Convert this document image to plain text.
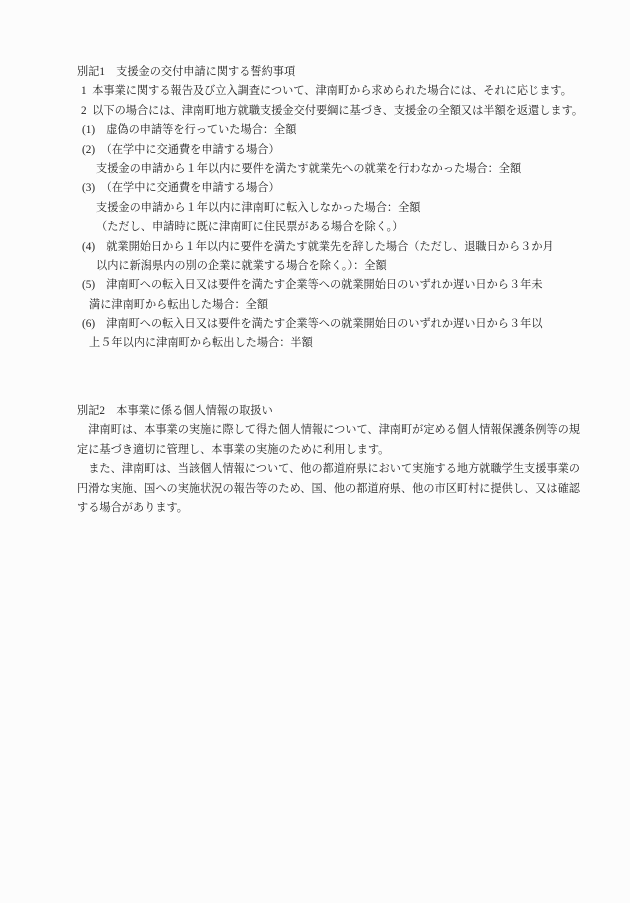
別記1　支援金の交付申請に関する誓約事項
1  本事業に関する報告及び立入調査について、津南町から求められた場合には、それに応じます。
2  以下の場合には、津南町地方就職支援金交付要綱に基づき、支援金の全額又は半額を返還します。
(1)　虚偽の申請等を行っていた場合：全額
(2)　（在学中に交通費を申請する場合）
支援金の申請から１年以内に要件を満たす就業先への就業を行わなかった場合：全額
(3)　（在学中に交通費を申請する場合）
支援金の申請から１年以内に津南町に転入しなかった場合：全額
（ただし、申請時に既に津南町に住民票がある場合を除く。）
(4)　就業開始日から１年以内に要件を満たす就業先を辞した場合（ただし、退職日から３か月
以内に新潟県内の別の企業に就業する場合を除く。）：全額
(5)　津南町への転入日又は要件を満たす企業等への就業開始日のいずれか遅い日から３年未
満に津南町から転出した場合：全額
(6)　津南町への転入日又は要件を満たす企業等への就業開始日のいずれか遅い日から３年以
上５年以内に津南町から転出した場合：半額
別記2　本事業に係る個人情報の取扱い
　津南町は、本事業の実施に際して得た個人情報について、津南町が定める個人情報保護条例等の規
定に基づき適切に管理し、本事業の実施のために利用します。
　また、津南町は、当該個人情報について、他の都道府県において実施する地方就職学生支援事業の
円滑な実施、国への実施状況の報告等のため、国、他の都道府県、他の市区町村に提供し、又は確認
する場合があります。
